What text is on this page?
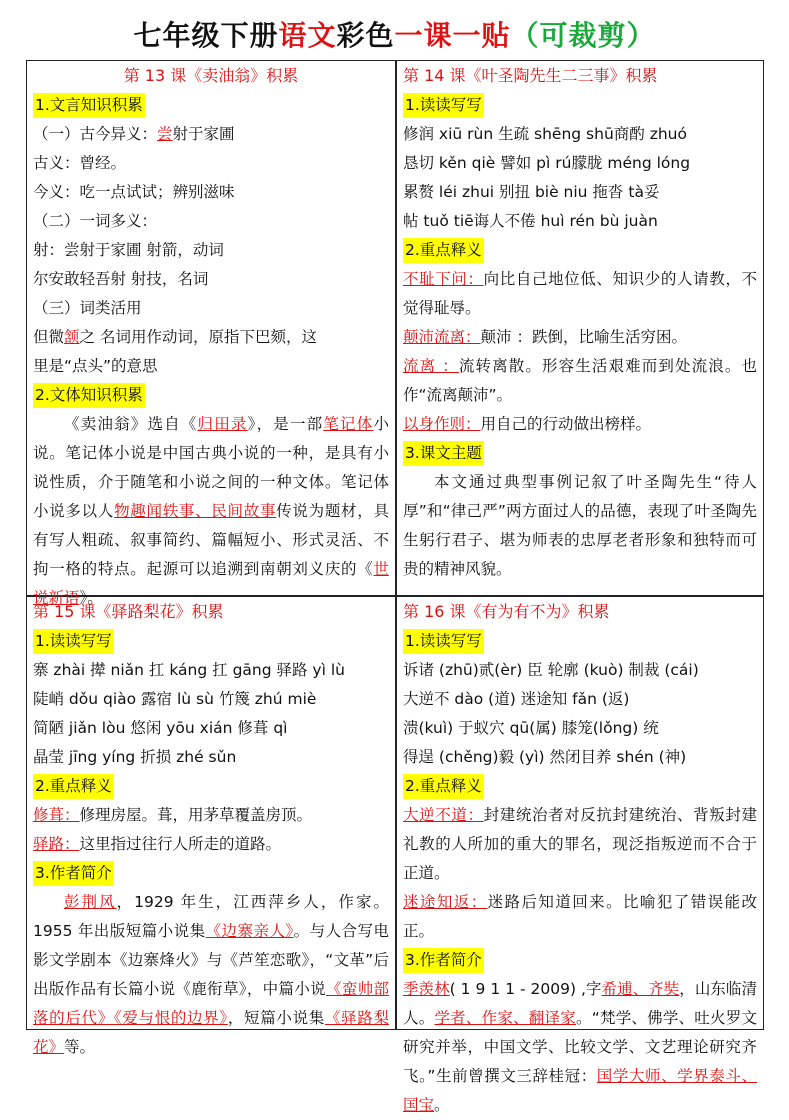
七年级下册语文彩色一课一贴（可裁剪）
第 13 课《卖油翁》积累
1.文言知识积累
（一）古今异义：尝射于家圃
古义：曾经。
今义：吃一点试试；辨别滋味
（二）一词多义：
射：尝射于家圃 射箭，动词
尔安敢轻吾射 射技，名词
（三）词类活用
但微颔之 名词用作动词，原指下巴颏，这
里是“点头”的意思
2.文体知识积累
《卖油翁》选自《归田录》，是一部笔记体小说。笔记体小说是中国古典小说的一种，是具有小说性质，介于随笔和小说之间的一种文体。笔记体小说多以人物趣闻轶事、民间故事传说为题材，具有写人粗疏、叙事简约、篇幅短小、形式灵活、不拘一格的特点。起源可以追溯到南朝刘义庆的《世说新语》。
第 14 课《叶圣陶先生二三事》积累
1.读读写写
修润 xiū rùn 生疏 shēng shū商酌 zhuó
恳切 kěn qiè 譬如 pì rú朦胧 méng lóng
累赘 léi zhui 别扭 biè niu 拖沓 tà妥
帖 tuǒ tiē诲人不倦 huì rén bù juàn
2.重点释义
不耻下问：向比自己地位低、知识少的人请教，不觉得耻辱。
颠沛流离：颠沛 ：跌倒，比喻生活穷困。
流离 ：流转离散。形容生活艰难而到处流浪。也作“流离颠沛”。
以身作则：用自己的行动做出榜样。
3.课文主题
本文通过典型事例记叙了叶圣陶先生“待人厚”和“律己严”两方面过人的品德，表现了叶圣陶先生躬行君子、堪为师表的忠厚老者形象和独特而可贵的精神风貌。
第 15 课《驿路梨花》积累
1.读读写写
寨 zhài 撵 niǎn 扛 káng 扛 gāng 驿路 yì lù
陡峭 dǒu qiào 露宿 lù sù 竹篾 zhú miè
简陋 jiǎn lòu 悠闲 yōu xián 修葺 qì
晶莹 jīng yíng 折损 zhé sǔn
2.重点释义
修葺：修理房屋。葺，用茅草覆盖房顶。
驿路：这里指过往行人所走的道路。
3.作者简介
彭荆风，1929 年生，江西萍乡人，作家。1955 年出版短篇小说集《边寨亲人》。与人合写电影文学剧本《边寨烽火》与《芦笙恋歌》，“文革”后出版作品有长篇小说《鹿衔草》，中篇小说《蛮帅部落的后代》《爱与恨的边界》，短篇小说集《驿路梨花》等。
第 16 课《有为有不为》积累
1.读读写写
诉诸 (zhū)贰(èr) 臣 轮廓 (kuò) 制裁 (cái)
大逆不 dào (道) 迷途知 fǎn (返)
溃(kuì) 于蚁穴 qū(属) 膝笼(lǒng) 统
得逞 (chěng)毅 (yì) 然闭目养 shén (神)
2.重点释义
大逆不道：封建统治者对反抗封建统治、背叛封建礼教的人所加的重大的罪名，现泛指叛逆而不合于正道。
迷途知返：迷路后知道回来。比喻犯了错误能改正。
3.作者简介
季羡林( 1 9 1 1 - 2009) ,字希逋、齐奘，山东临清人。学者、作家、翻译家。“梵学、佛学、吐火罗文研究并举，中国文学、比较文学、文艺理论研究齐飞。”生前曾撰文三辞桂冠：国学大师、学界泰斗、国宝。
